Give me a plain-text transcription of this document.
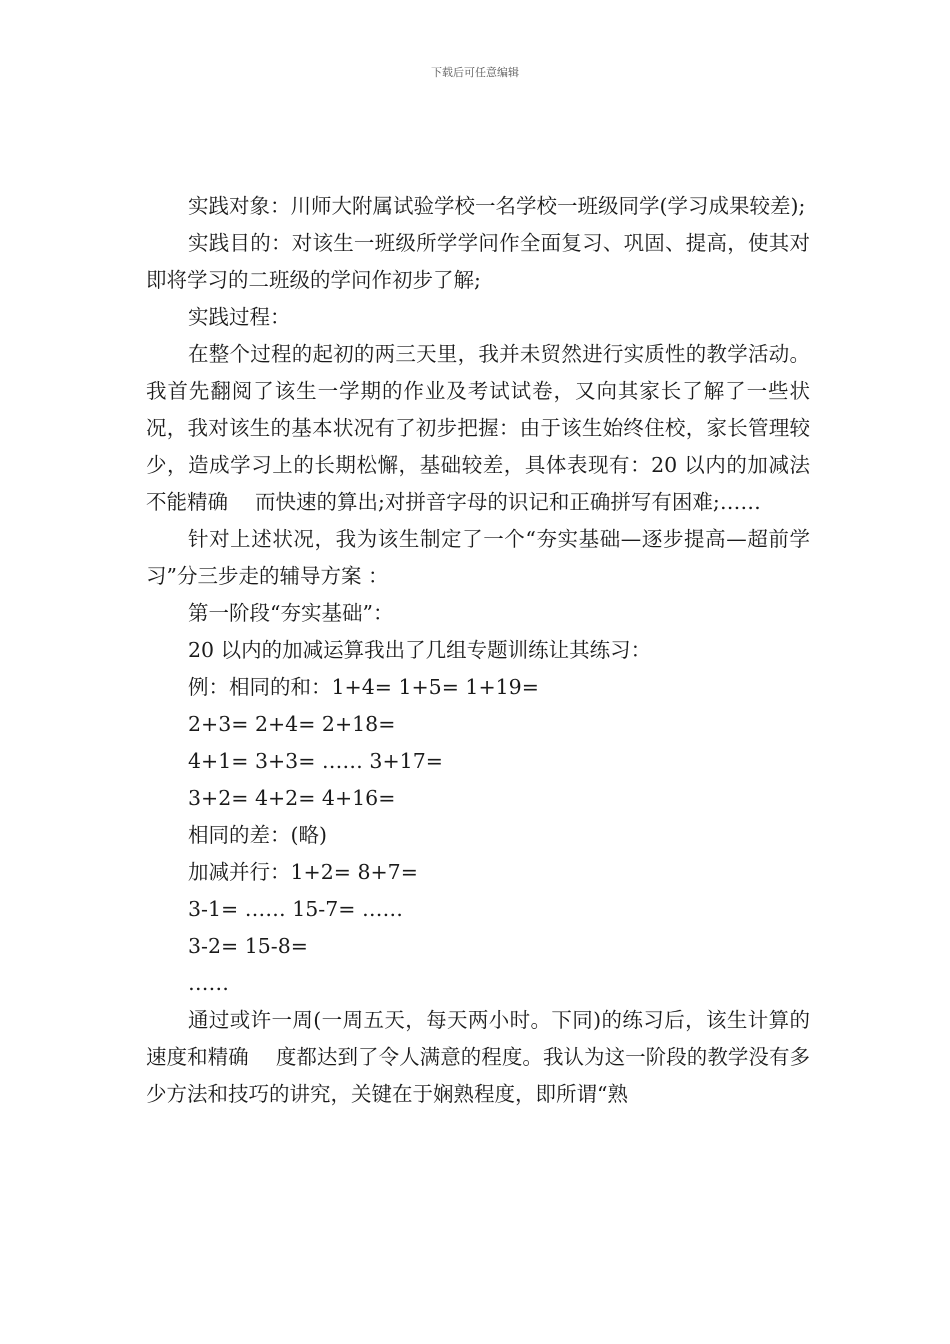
下载后可任意编辑

实践对象：川师大附属试验学校一名学校一班级同学(学习成果较差);

实践目的：对该生一班级所学学问作全面复习、巩固、提高，使其对即将学习的二班级的学问作初步了解;

实践过程：

在整个过程的起初的两三天里，我并未贸然进行实质性的教学活动。我首先翻阅了该生一学期的作业及考试试卷，又向其家长了解了一些状况，我对该生的基本状况有了初步把握：由于该生始终住校，家长管理较少，造成学习上的长期松懈，基础较差，具体表现有：20 以内的加减法不能精确　 而快速的算出;对拼音字母的识记和正确拼写有困难;……

针对上述状况，我为该生制定了一个“夯实基础—逐步提高—超前学习”分三步走的辅导方案 ：

第一阶段“夯实基础”：

20 以内的加减运算我出了几组专题训练让其练习：

例：相同的和：1+4= 1+5= 1+19=

2+3= 2+4= 2+18=

4+1= 3+3= …… 3+17=

3+2= 4+2= 4+16=

相同的差：(略)

加减并行：1+2= 8+7=

3-1= …… 15-7= ……

3-2= 15-8=

……

通过或许一周(一周五天，每天两小时。下同)的练习后，该生计算的速度和精确　 度都达到了令人满意的程度。我认为这一阶段的教学没有多少方法和技巧的讲究，关键在于娴熟程度，即所谓“熟
